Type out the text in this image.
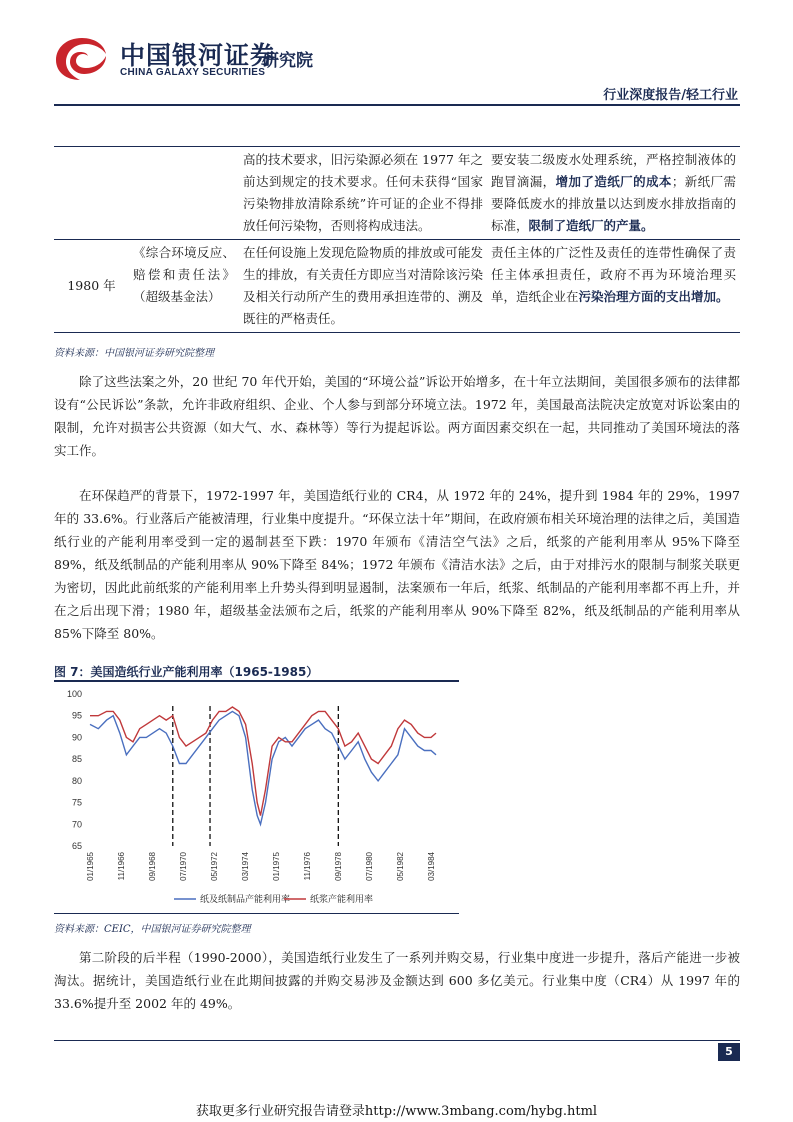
中国银河证券
CHINA GALAXY SECURITIES
研究院
行业深度报告/轻工行业
		高的技术要求，旧污染源必须在 1977 年之前达到规定的技术要求。任何未获得“国家污染物排放清除系统”许可证的企业不得排放任何污染物，否则将构成违法。	要安装二级废水处理系统，严格控制液体的跑冒滴漏，增加了造纸厂的成本；新纸厂需要降低废水的排放量以达到废水排放指南的标准，限制了造纸厂的产量。
1980 年	《综合环境反应、赔偿和责任法》（超级基金法）	在任何设施上发现危险物质的排放或可能发生的排放，有关责任方即应当对清除该污染及相关行动所产生的费用承担连带的、溯及既往的严格责任。	责任主体的广泛性及责任的连带性确保了责任主体承担责任，政府不再为环境治理买单，造纸企业在污染治理方面的支出增加。
资料来源：中国银河证券研究院整理
除了这些法案之外，20 世纪 70 年代开始，美国的“环境公益”诉讼开始增多，在十年立法期间，美国很多颁布的法律都设有“公民诉讼”条款，允许非政府组织、企业、个人参与到部分环境立法。1972 年，美国最高法院决定放宽对诉讼案由的限制，允许对损害公共资源（如大气、水、森林等）等行为提起诉讼。两方面因素交织在一起，共同推动了美国环境法的落实工作。
在环保趋严的背景下，1972-1997 年，美国造纸行业的 CR4，从 1972 年的 24%，提升到 1984 年的 29%，1997 年的 33.6%。行业落后产能被清理，行业集中度提升。“环保立法十年”期间，在政府颁布相关环境治理的法律之后，美国造纸行业的产能利用率受到一定的遏制甚至下跌：1970 年颁布《清洁空气法》之后，纸浆的产能利用率从 95%下降至 89%，纸及纸制品的产能利用率从 90%下降至 84%；1972 年颁布《清洁水法》之后，由于对排污水的限制与制浆关联更为密切，因此此前纸浆的产能利用率上升势头得到明显遏制，法案颁布一年后，纸浆、纸制品的产能利用率都不再上升，并在之后出现下滑；1980 年，超级基金法颁布之后，纸浆的产能利用率从 90%下降至 82%，纸及纸制品的产能利用率从 85%下降至 80%。
图 7：美国造纸行业产能利用率（1965-1985）
65
70
75
80
85
90
95
100
01/1965	11/1966	09/1968	07/1970	05/1972	03/1974	01/1975	11/1976	09/1978	07/1980	05/1982	03/1984
纸及纸制品产能利用率 纸浆产能利用率
资料来源：CEIC，中国银河证券研究院整理
第二阶段的后半程（1990-2000），美国造纸行业发生了一系列并购交易，行业集中度进一步提升，落后产能进一步被淘汰。据统计，美国造纸行业在此期间披露的并购交易涉及金额达到 600 多亿美元。行业集中度（CR4）从 1997 年的 33.6%提升至 2002 年的 49%。
5
获取更多行业研究报告请登录http://www.3mbang.com/hybg.html
